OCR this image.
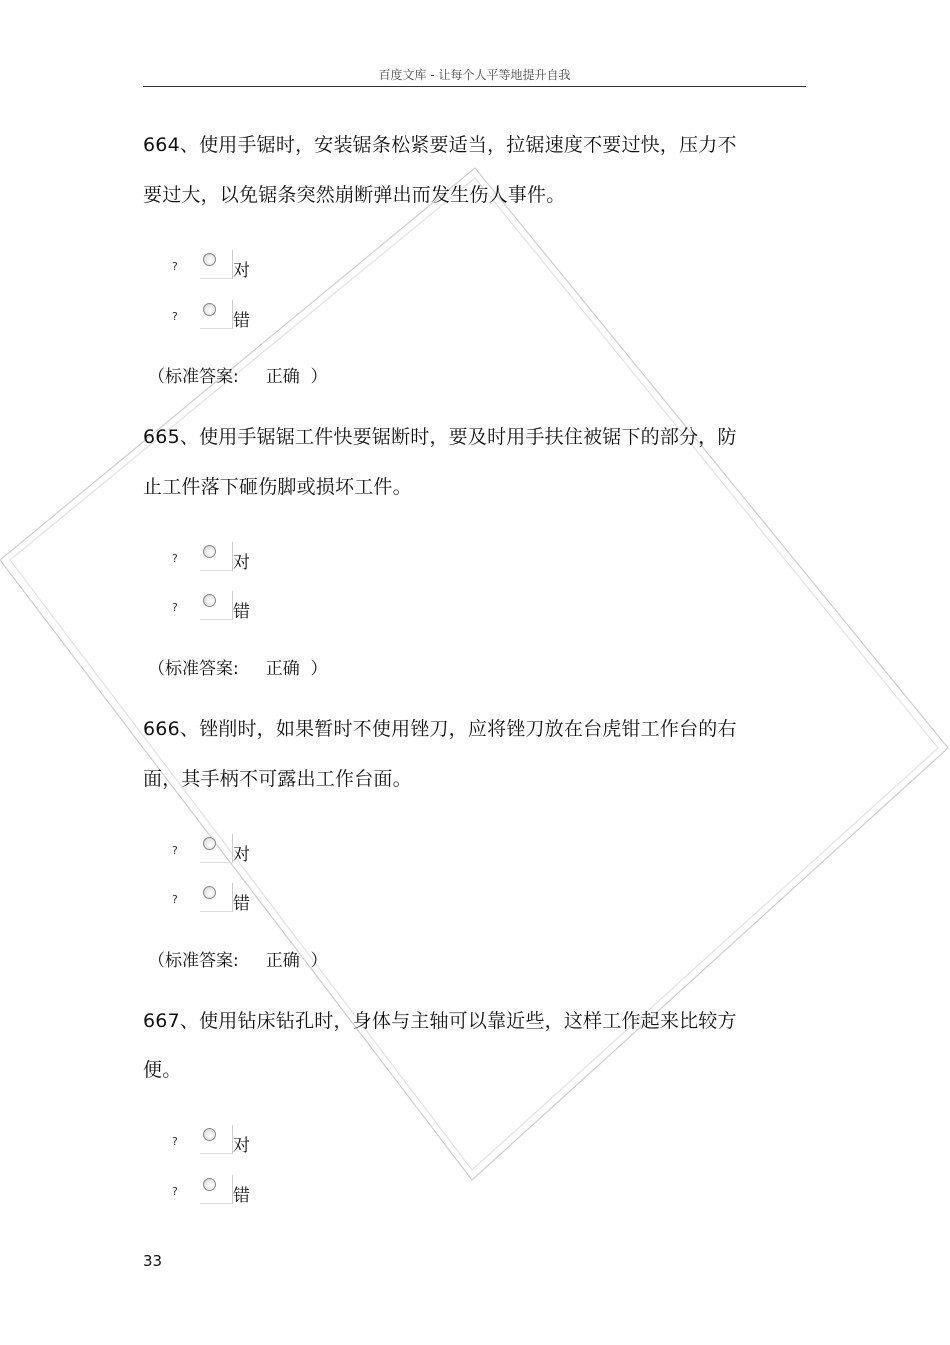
百度文库 - 让每个人平等地提升自我
664、使用手锯时，安装锯条松紧要适当，拉锯速度不要过快，压力不
要过大，以免锯条突然崩断弹出而发生伤人事件。
?	对
?	错
（标准答案:     正确  ）
665、使用手锯锯工件快要锯断时，要及时用手扶住被锯下的部分，防
止工件落下砸伤脚或损坏工件。
?	对
?	错
（标准答案:     正确  ）
666、锉削时，如果暂时不使用锉刀，应将锉刀放在台虎钳工作台的右
面，其手柄不可露出工作台面。
?	对
?	错
（标准答案:     正确  ）
667、使用钻床钻孔时，身体与主轴可以靠近些，这样工作起来比较方
便。
?	对
?	错
33
